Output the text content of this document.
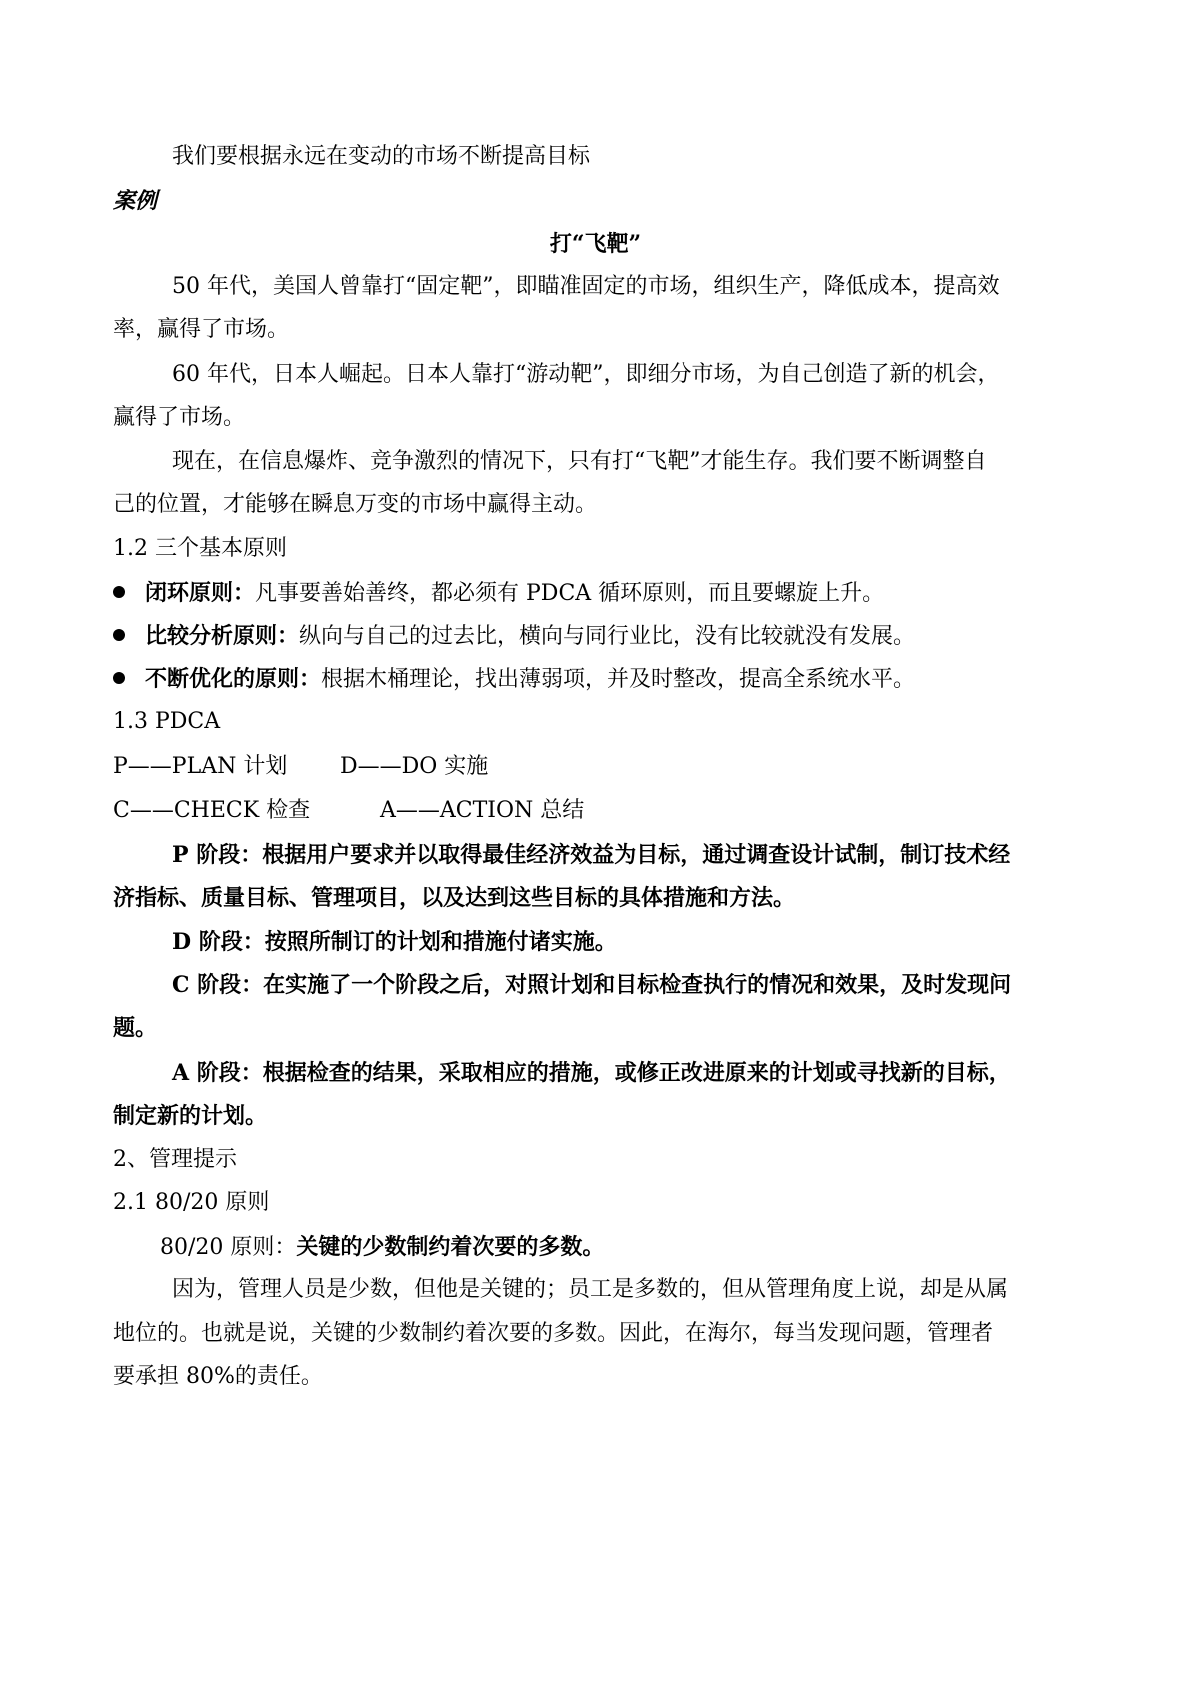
我们要根据永远在变动的市场不断提高目标
案例
打“飞靶”
50 年代，美国人曾靠打“固定靶”，即瞄准固定的市场，组织生产，降低成本，提高效
率，赢得了市场。
60 年代，日本人崛起。日本人靠打“游动靶”，即细分市场，为自己创造了新的机会，
赢得了市场。
现在，在信息爆炸、竞争激烈的情况下，只有打“飞靶”才能生存。我们要不断调整自
己的位置，才能够在瞬息万变的市场中赢得主动。
1.2 三个基本原则
闭环原则：凡事要善始善终，都必须有 PDCA 循环原则，而且要螺旋上升。
比较分析原则：纵向与自己的过去比，横向与同行业比，没有比较就没有发展。
不断优化的原则：根据木桶理论，找出薄弱项，并及时整改，提高全系统水平。
1.3 PDCA
P——PLAN 计划 D——DO 实施
C——CHECK 检查	A——ACTION 总结
P 阶段：根据用户要求并以取得最佳经济效益为目标，通过调查设计试制，制订技术经
济指标、质量目标、管理项目，以及达到这些目标的具体措施和方法。
D 阶段：按照所制订的计划和措施付诸实施。
C 阶段：在实施了一个阶段之后，对照计划和目标检查执行的情况和效果，及时发现问
题。
A 阶段：根据检查的结果，采取相应的措施，或修正改进原来的计划或寻找新的目标，
制定新的计划。
2、管理提示
2.1 80/20 原则
80/20 原则：关键的少数制约着次要的多数。
因为，管理人员是少数，但他是关键的；员工是多数的，但从管理角度上说，却是从属
地位的。也就是说，关键的少数制约着次要的多数。因此，在海尔，每当发现问题，管理者
要承担 80%的责任。
